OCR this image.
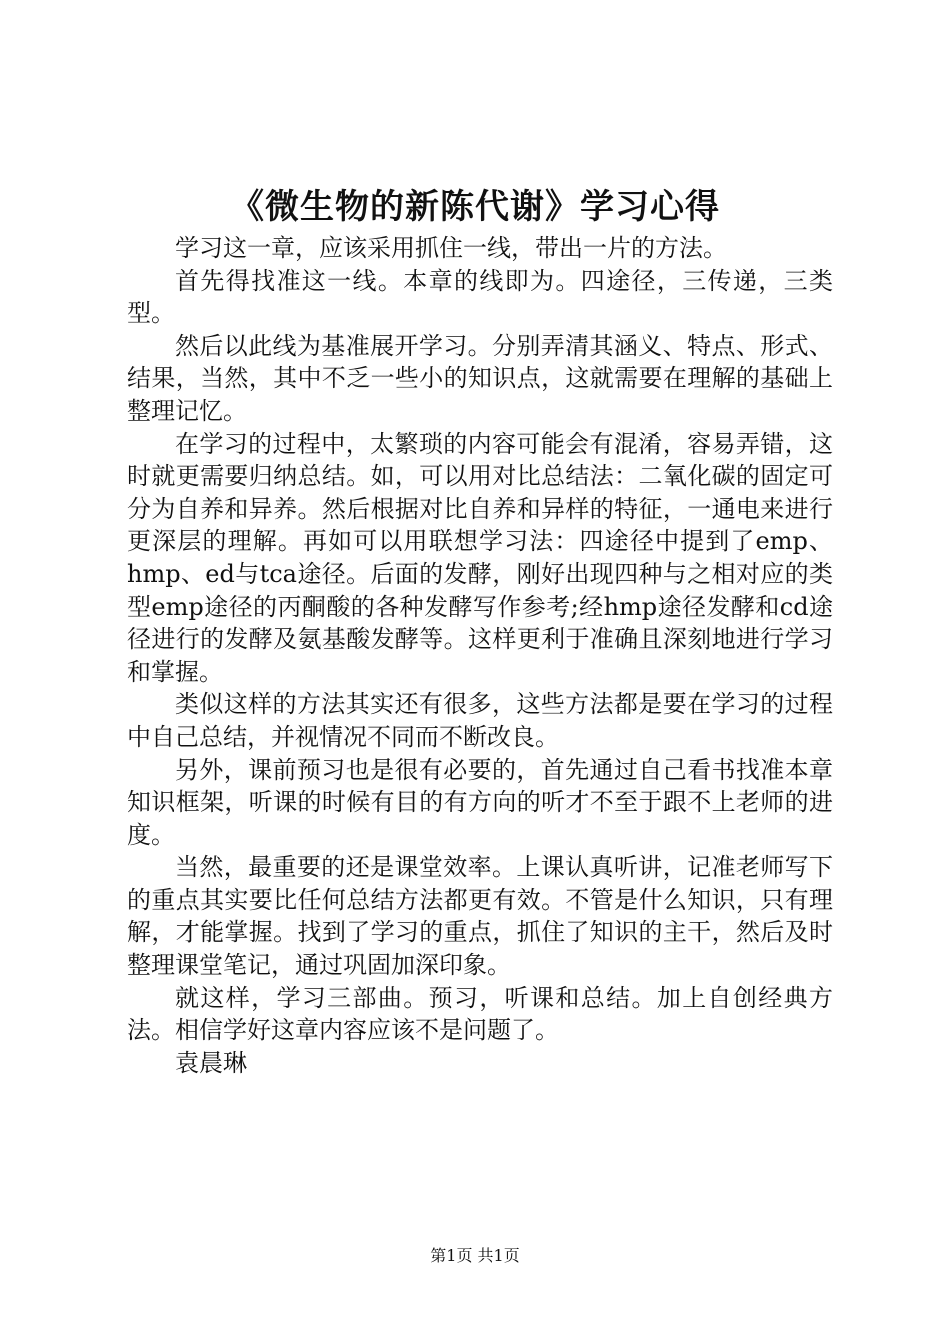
《微生物的新陈代谢》学习心得

学习这一章，应该采用抓住一线，带出一片的方法。

首先得找准这一线。本章的线即为。四途径，三传递，三类型。

然后以此线为基准展开学习。分别弄清其涵义、特点、形式、结果，当然，其中不乏一些小的知识点，这就需要在理解的基础上整理记忆。

在学习的过程中，太繁琐的内容可能会有混淆，容易弄错，这时就更需要归纳总结。如，可以用对比总结法：二氧化碳的固定可分为自养和异养。然后根据对比自养和异样的特征，一通电来进行更深层的理解。再如可以用联想学习法：四途径中提到了emp、hmp、ed与tca途径。后面的发酵，刚好出现四种与之相对应的类型emp途径的丙酮酸的各种发酵写作参考;经hmp途径发酵和cd途径进行的发酵及氨基酸发酵等。这样更利于准确且深刻地进行学习和掌握。

类似这样的方法其实还有很多，这些方法都是要在学习的过程中自己总结，并视情况不同而不断改良。

另外，课前预习也是很有必要的，首先通过自己看书找准本章知识框架，听课的时候有目的有方向的听才不至于跟不上老师的进度。

当然，最重要的还是课堂效率。上课认真听讲，记准老师写下的重点其实要比任何总结方法都更有效。不管是什么知识，只有理解，才能掌握。找到了学习的重点，抓住了知识的主干，然后及时整理课堂笔记，通过巩固加深印象。

就这样，学习三部曲。预习，听课和总结。加上自创经典方法。相信学好这章内容应该不是问题了。

袁晨琳

第1页 共1页
